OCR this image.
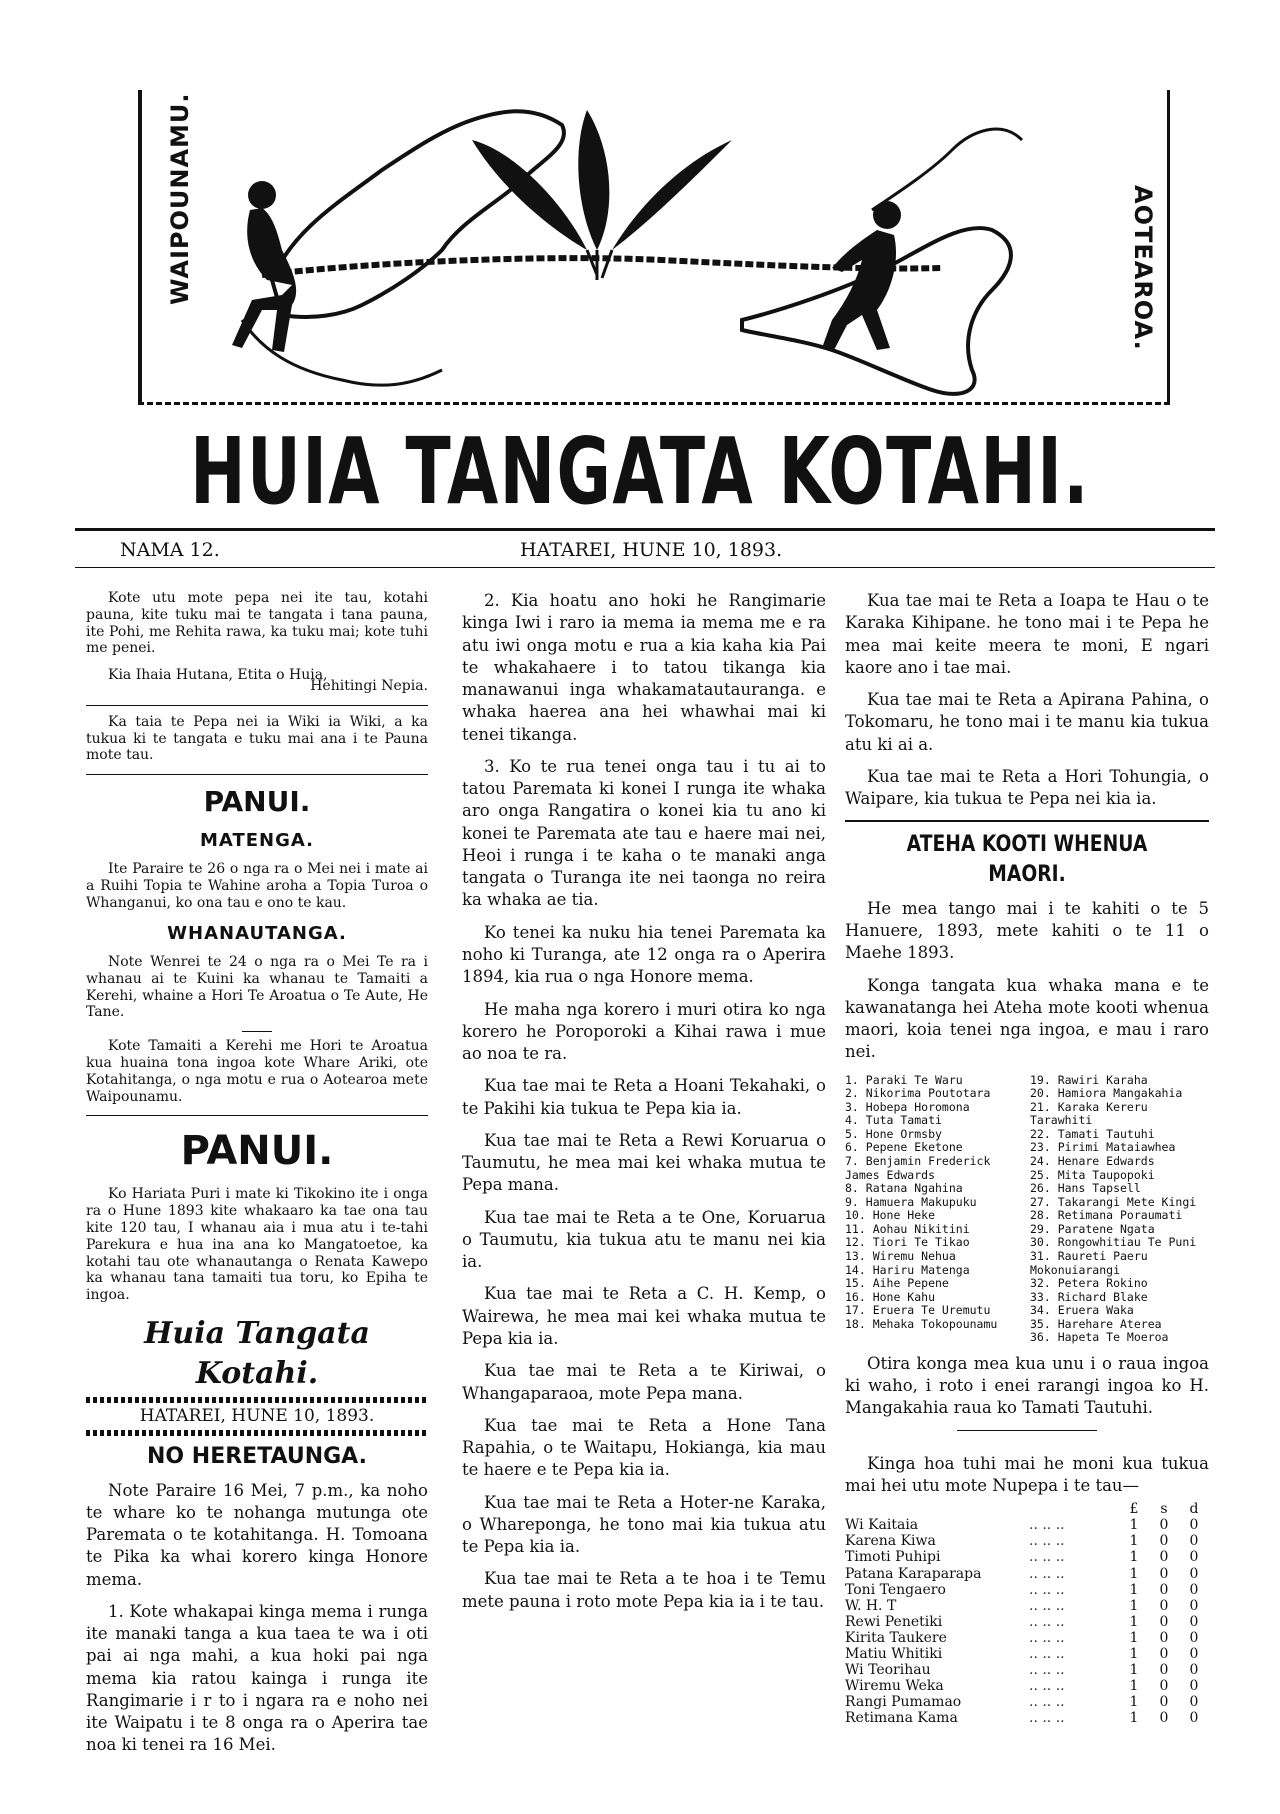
WAIPOUNAMU.	AOTEAROA.
HUIA TANGATA KOTAHI.
NAMA 12.	HATAREI, HUNE 10, 1893.

Kote utu mote pepa nei ite tau, kotahi pauna, kite tuku mai te tangata i tana pauna, ite Pohi, me Rehita rawa, ka tuku mai; kote tuhi me penei.

Kia Ihaia Hutana, Etita o Huia,

Hehitingi Nepia.

Ka taia te Pepa nei ia Wiki ia Wiki, a ka tukua ki te tangata e tuku mai ana i te Pauna mote tau.

PANUI.
MATENGA.

Ite Paraire te 26 o nga ra o Mei nei i mate ai a Ruihi Topia te Wahine aroha a Topia Turoa o Whanganui, ko ona tau e ono te kau.

WHANAUTANGA.

Note Wenrei te 24 o nga ra o Mei Te ra i whanau ai te Kuini ka whanau te Tamaiti a Kerehi, whaine a Hori Te Aroatua o Te Aute, He Tane.

Kote Tamaiti a Kerehi me Hori te Aroatua kua huaina tona ingoa kote Whare Ariki, ote Kotahitanga, o nga motu e rua o Aotearoa mete Waipounamu.

PANUI.

Ko Hariata Puri i mate ki Tikokino ite i onga ra o Hune 1893 kite whakaaro ka tae ona tau kite 120 tau, I whanau aia i mua atu i te-tahi Parekura e hua ina ana ko Mangatoetoe, ka kotahi tau ote whanautanga o Renata Kawepo ka whanau tana tamaiti tua toru, ko Epiha te ingoa.

Huia Tangata Kotahi.
HATAREI, HUNE 10, 1893.
NO HERETAUNGA.

Note Paraire 16 Mei, 7 p.m., ka noho te whare ko te nohanga mutunga ote Paremata o te kotahitanga. H. Tomoana te Pika ka whai korero kinga Honore mema.

1. Kote whakapai kinga mema i runga ite manaki tanga a kua taea te wa i oti pai ai nga mahi, a kua hoki pai nga mema kia ratou kainga i runga ite Rangimarie i r to i ngara ra e noho nei ite Waipatu i te 8 onga ra o Aperira tae noa ki tenei ra 16 Mei.

2. Kia hoatu ano hoki he Rangimarie kinga Iwi i raro ia mema ia mema me e ra atu iwi onga motu e rua a kia kaha kia Pai te whakahaere i to tatou tikanga kia manawanui inga whakamatautauranga. e whaka haerea ana hei whawhai mai ki tenei tikanga.

3. Ko te rua tenei onga tau i tu ai to tatou Paremata ki konei I runga ite whaka aro onga Rangatira o konei kia tu ano ki konei te Paremata ate tau e haere mai nei, Heoi i runga i te kaha o te manaki anga tangata o Turanga ite nei taonga no reira ka whaka ae tia.

Ko tenei ka nuku hia tenei Paremata ka noho ki Turanga, ate 12 onga ra o Aperira 1894, kia rua o nga Honore mema.

He maha nga korero i muri otira ko nga korero he Poroporoki a Kihai rawa i mue ao noa te ra.

Kua tae mai te Reta a Hoani Tekahaki, o te Pakihi kia tukua te Pepa kia ia.

Kua tae mai te Reta a Rewi Koruarua o Taumutu, he mea mai kei whaka mutua te Pepa mana.

Kua tae mai te Reta a te One, Koruarua o Taumutu, kia tukua atu te manu nei kia ia.

Kua tae mai te Reta a C. H. Kemp, o Wairewa, he mea mai kei whaka mutua te Pepa kia ia.

Kua tae mai te Reta a te Kiriwai, o Whangaparaoa, mote Pepa mana.

Kua tae mai te Reta a Hone Tana Rapahia, o te Waitapu, Hokianga, kia mau te haere e te Pepa kia ia.

Kua tae mai te Reta a Hoter-ne Karaka, o Wharepongа, he tono mai kia tukua atu te Pepa kia ia.

Kua tae mai te Reta a te hoa i te Temu mete pauna i roto mote Pepa kia ia i te tau.

Kua tae mai te Reta a Ioapa te Hau o te Karaka Kihipane. he tono mai i te Pepa he mea mai keite meera te moni, E ngari kaore ano i tae mai.

Kua tae mai te Reta a Apirana Pahina, o Tokomaru, he tono mai i te manu kia tukua atu ki ai a.

Kua tae mai te Reta a Hori Tohungia, o Waipare, kia tukua te Pepa nei kia ia.

ATEHA KOOTI WHENUA MAORI.

He mea tango mai i te kahiti o te 5 Hanuere, 1893, mete kahiti o te 11 o Maehe 1893.

Konga tangata kua whaka mana e te kawanatanga hei Ateha mote kooti whenua maori, koia tenei nga ingoa, e mau i raro nei.

1. Paraki Te Waru
2. Nikorima Poutotara
3. Hobepa Horomona
4. Tuta Tamati
5. Hone Ormsby
6. Pepene Eketone
7. Benjamin Frederick James Edwards
8. Ratana Ngahina
9. Hamuera Makupuku
10. Hone Heke
11. Aohau Nikitini
12. Tiori Te Tikao
13. Wiremu Nehua
14. Hariru Matenga
15. Aihe Pepene
16. Hone Kahu
17. Eruera Te Uremutu
18. Mehaka Tokopounamu
19. Rawiri Karaha
20. Hamiora Mangakahia
21. Karaka Kereru Tarawhiti
22. Tamati Tautuhi
23. Pirimi Mataiawhea
24. Henare Edwards
25. Mita Taupopoki
26. Hans Tapsell
27. Takarangi Mete Kingi
28. Retimana Poraumati
29. Paratene Ngata
30. Rongowhitiau Te Puni
31. Raureti Paeru Mokonuiarangi
32. Petera Rokino
33. Richard Blake
34. Eruera Waka
35. Harehare Aterea
36. Hapeta Te Moeroa

Otira konga mea kua unu i o raua ingoa ki waho, i roto i enei rarangi ingoa ko H. Mangakahia raua ko Tamati Tautuhi.

Kinga hoa tuhi mai he moni kua tukua mai hei utu mote Nupepa i te tau—

		£	s	d
Wi Kaitaia	.. .. ..	1	0	0
Karena Kiwa	.. .. ..	1	0	0
Timoti Puhipi	.. .. ..	1	0	0
Patana Karaparapa	.. .. ..	1	0	0
Toni Tengaero	.. .. ..	1	0	0
W. H. T	.. .. ..	1	0	0
Rewi Penetiki	.. .. ..	1	0	0
Kirita Taukere	.. .. ..	1	0	0
Matiu Whitiki	.. .. ..	1	0	0
Wi Teorihau	.. .. ..	1	0	0
Wiremu Weka	.. .. ..	1	0	0
Rangi Pumamao	.. .. ..	1	0	0
Retimana Kama	.. .. ..	1	0	0
